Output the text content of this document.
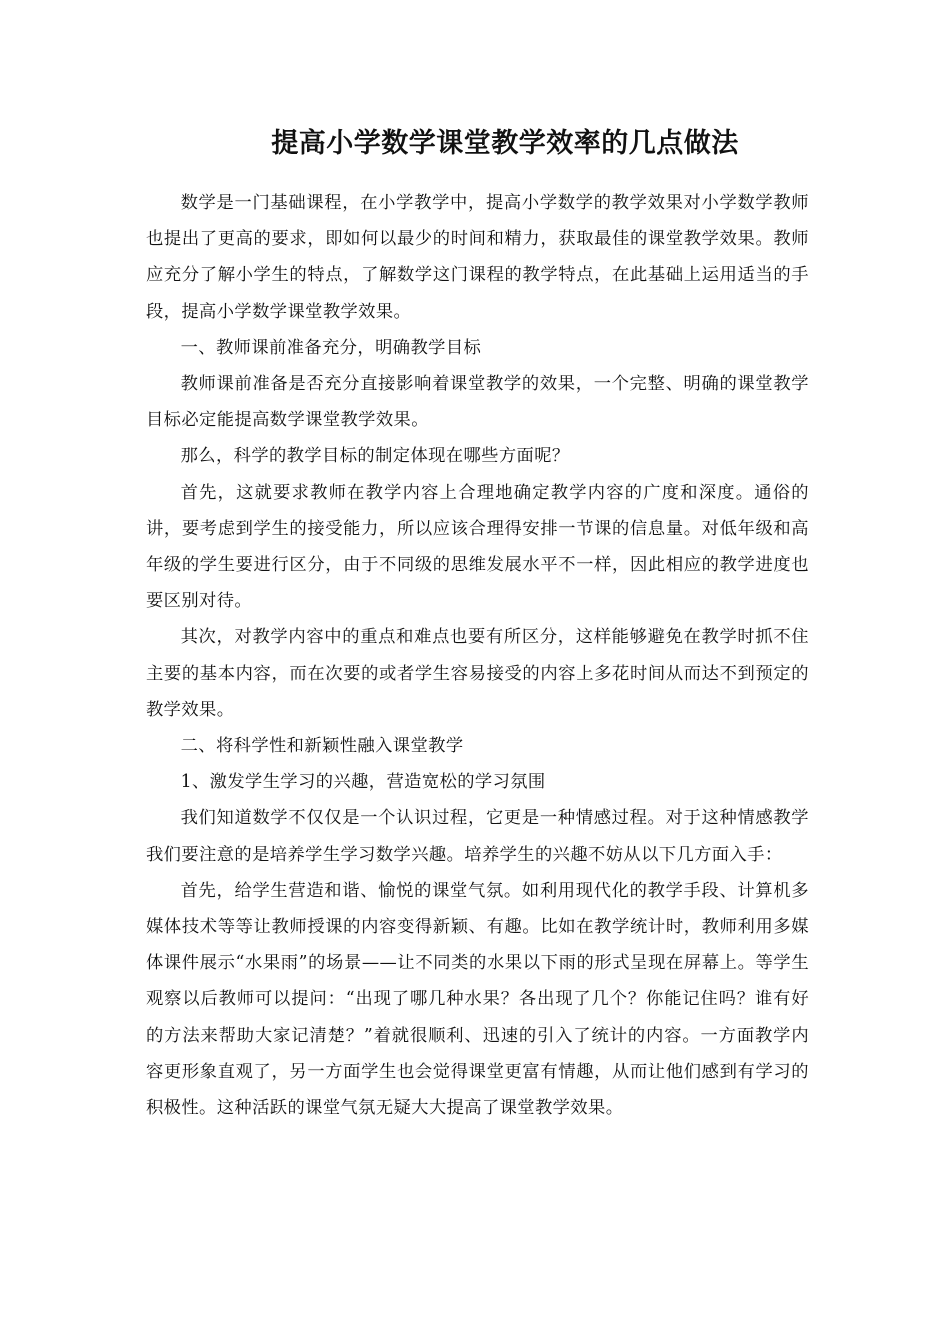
提高小学数学课堂教学效率的几点做法

数学是一门基础课程，在小学教学中，提高小学数学的教学效果对小学数学教师也提出了更高的要求，即如何以最少的时间和精力，获取最佳的课堂教学效果。教师应充分了解小学生的特点，了解数学这门课程的教学特点，在此基础上运用适当的手段，提高小学数学课堂教学效果。

一、教师课前准备充分，明确教学目标

教师课前准备是否充分直接影响着课堂教学的效果，一个完整、明确的课堂教学目标必定能提高数学课堂教学效果。

那么，科学的教学目标的制定体现在哪些方面呢？

首先，这就要求教师在教学内容上合理地确定教学内容的广度和深度。通俗的讲，要考虑到学生的接受能力，所以应该合理得安排一节课的信息量。对低年级和高年级的学生要进行区分，由于不同级的思维发展水平不一样，因此相应的教学进度也要区别对待。

其次，对教学内容中的重点和难点也要有所区分，这样能够避免在教学时抓不住主要的基本内容，而在次要的或者学生容易接受的内容上多花时间从而达不到预定的教学效果。

二、将科学性和新颖性融入课堂教学

1、激发学生学习的兴趣，营造宽松的学习氛围

我们知道数学不仅仅是一个认识过程，它更是一种情感过程。对于这种情感教学我们要注意的是培养学生学习数学兴趣。培养学生的兴趣不妨从以下几方面入手：

首先，给学生营造和谐、愉悦的课堂气氛。如利用现代化的教学手段、计算机多媒体技术等等让教师授课的内容变得新颖、有趣。比如在教学统计时，教师利用多媒体课件展示“水果雨”的场景——让不同类的水果以下雨的形式呈现在屏幕上。等学生观察以后教师可以提问：“出现了哪几种水果？各出现了几个？你能记住吗？谁有好的方法来帮助大家记清楚？”着就很顺利、迅速的引入了统计的内容。一方面教学内容更形象直观了，另一方面学生也会觉得课堂更富有情趣，从而让他们感到有学习的积极性。这种活跃的课堂气氛无疑大大提高了课堂教学效果。
